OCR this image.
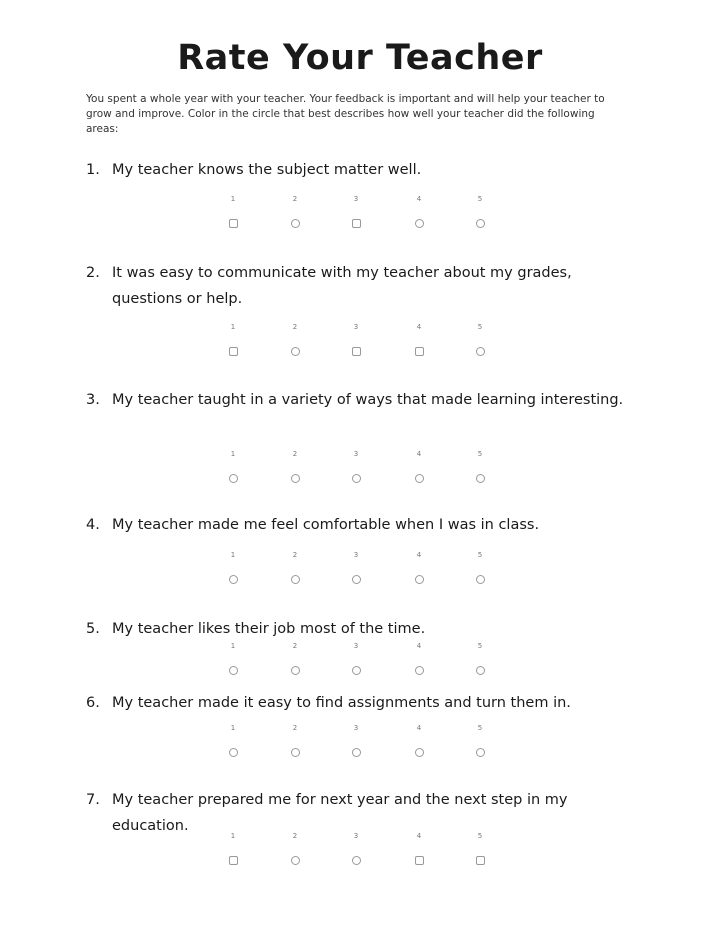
Rate Your Teacher

You spent a whole year with your teacher. Your feedback is important and will help your teacher to grow and improve. Color in the circle that best describes how well your teacher did the following areas:

1. My teacher knows the subject matter well.
1	2	3	4	5
2. It was easy to communicate with my teacher about my grades, questions or help.
1	2	3	4	5
3. My teacher taught in a variety of ways that made learning interesting.
1	2	3	4	5
4. My teacher made me feel comfortable when I was in class.
1	2	3	4	5
5. My teacher likes their job most of the time.
1	2	3	4	5
6. My teacher made it easy to find assignments and turn them in.
1	2	3	4	5
7. My teacher prepared me for next year and the next step in my education.
1	2	3	4	5
